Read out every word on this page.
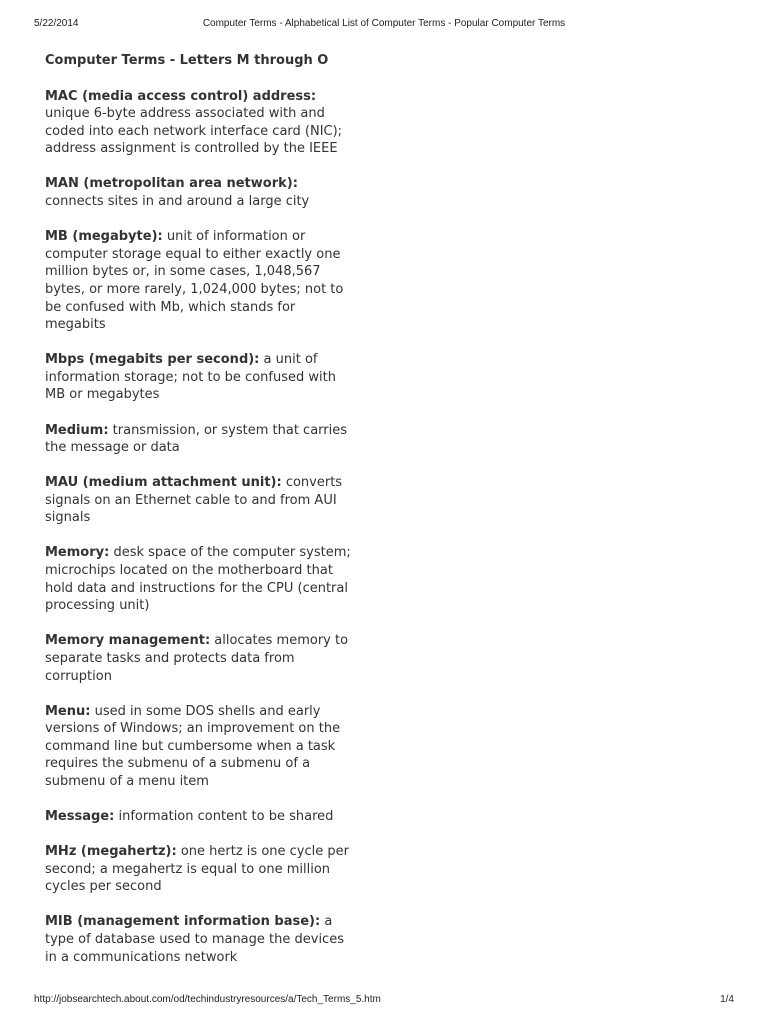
5/22/2014	Computer Terms - Alphabetical List of Computer Terms - Popular Computer Terms
Computer Terms - Letters M through O
MAC (media access control) address: unique 6-byte address associated with and coded into each network interface card (NIC); address assignment is controlled by the IEEE
MAN (metropolitan area network): connects sites in and around a large city
MB (megabyte): unit of information or computer storage equal to either exactly one million bytes or, in some cases, 1,048,567 bytes, or more rarely, 1,024,000 bytes; not to be confused with Mb, which stands for megabits
Mbps (megabits per second): a unit of information storage; not to be confused with MB or megabytes
Medium: transmission, or system that carries the message or data
MAU (medium attachment unit): converts signals on an Ethernet cable to and from AUI signals
Memory: desk space of the computer system; microchips located on the motherboard that hold data and instructions for the CPU (central processing unit)
Memory management: allocates memory to separate tasks and protects data from corruption
Menu: used in some DOS shells and early versions of Windows; an improvement on the command line but cumbersome when a task requires the submenu of a submenu of a submenu of a menu item
Message: information content to be shared
MHz (megahertz): one hertz is one cycle per second; a megahertz is equal to one million cycles per second
MIB (management information base): a type of database used to manage the devices in a communications network
http://jobsearchtech.about.com/od/techindustryresources/a/Tech_Terms_5.htm	1/4
